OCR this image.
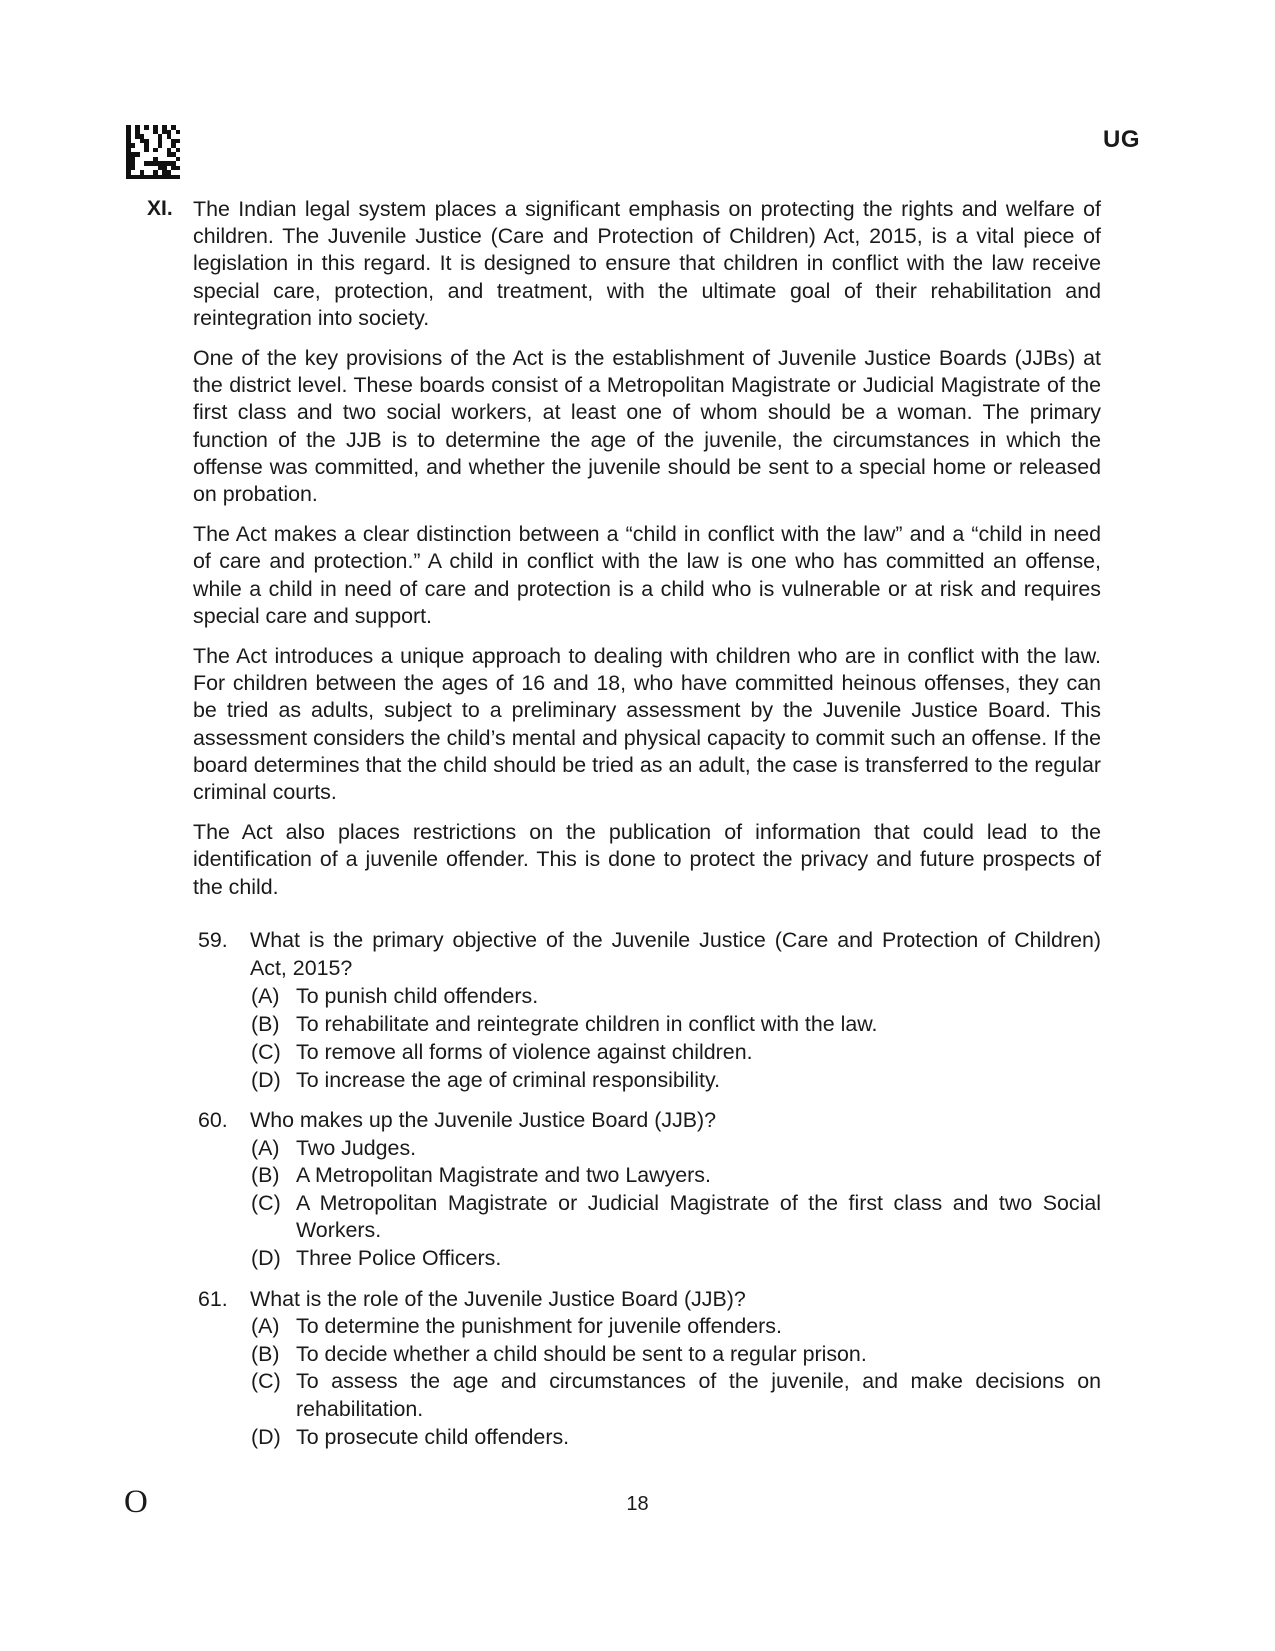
UG
XI. The Indian legal system places a significant emphasis on protecting the rights and welfare of children. The Juvenile Justice (Care and Protection of Children) Act, 2015, is a vital piece of legislation in this regard. It is designed to ensure that children in conflict with the law receive special care, protection, and treatment, with the ultimate goal of their rehabilitation and reintegration into society.

One of the key provisions of the Act is the establishment of Juvenile Justice Boards (JJBs) at the district level. These boards consist of a Metropolitan Magistrate or Judicial Magistrate of the first class and two social workers, at least one of whom should be a woman. The primary function of the JJB is to determine the age of the juvenile, the circumstances in which the offense was committed, and whether the juvenile should be sent to a special home or released on probation.

The Act makes a clear distinction between a “child in conflict with the law” and a “child in need of care and protection.” A child in conflict with the law is one who has committed an offense, while a child in need of care and protection is a child who is vulnerable or at risk and requires special care and support.

The Act introduces a unique approach to dealing with children who are in conflict with the law. For children between the ages of 16 and 18, who have committed heinous offenses, they can be tried as adults, subject to a preliminary assessment by the Juvenile Justice Board. This assessment considers the child’s mental and physical capacity to commit such an offense. If the board determines that the child should be tried as an adult, the case is transferred to the regular criminal courts.

The Act also places restrictions on the publication of information that could lead to the identification of a juvenile offender. This is done to protect the privacy and future prospects of the child.

59.	What is the primary objective of the Juvenile Justice (Care and Protection of Children) Act, 2015?
(A) To punish child offenders.
(B) To rehabilitate and reintegrate children in conflict with the law.
(C) To remove all forms of violence against children.
(D) To increase the age of criminal responsibility.
60.	Who makes up the Juvenile Justice Board (JJB)?
(A) Two Judges.
(B) A Metropolitan Magistrate and two Lawyers.
(C) A Metropolitan Magistrate or Judicial Magistrate of the first class and two Social Workers.
(D) Three Police Officers.
61.	What is the role of the Juvenile Justice Board (JJB)?
(A) To determine the punishment for juvenile offenders.
(B) To decide whether a child should be sent to a regular prison.
(C) To assess the age and circumstances of the juvenile, and make decisions on rehabilitation.
(D) To prosecute child offenders.
O	18
